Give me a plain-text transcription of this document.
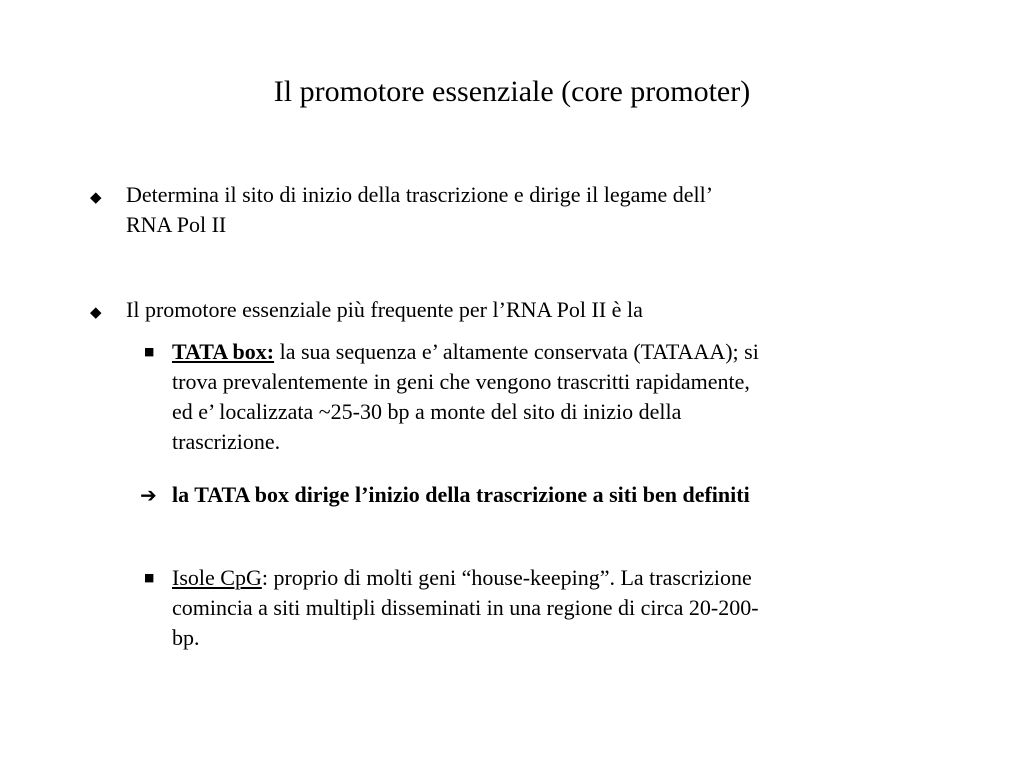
Il promotore essenziale (core promoter)
◆ Determina il sito di inizio della trascrizione e dirige il legame dell’
RNA Pol II
◆ Il promotore essenziale più frequente per l’RNA Pol II è la
■ TATA box: la sua sequenza e’ altamente conservata (TATAAA); si
trova prevalentemente in geni che vengono trascritti rapidamente,
ed e’ localizzata ~25-30 bp a monte del sito di inizio della
trascrizione.
➔ la TATA box dirige l’inizio della trascrizione a siti ben definiti
■ Isole CpG: proprio di molti geni “house-keeping”. La trascrizione
comincia a siti multipli disseminati in una regione di circa 20-200-
bp.
